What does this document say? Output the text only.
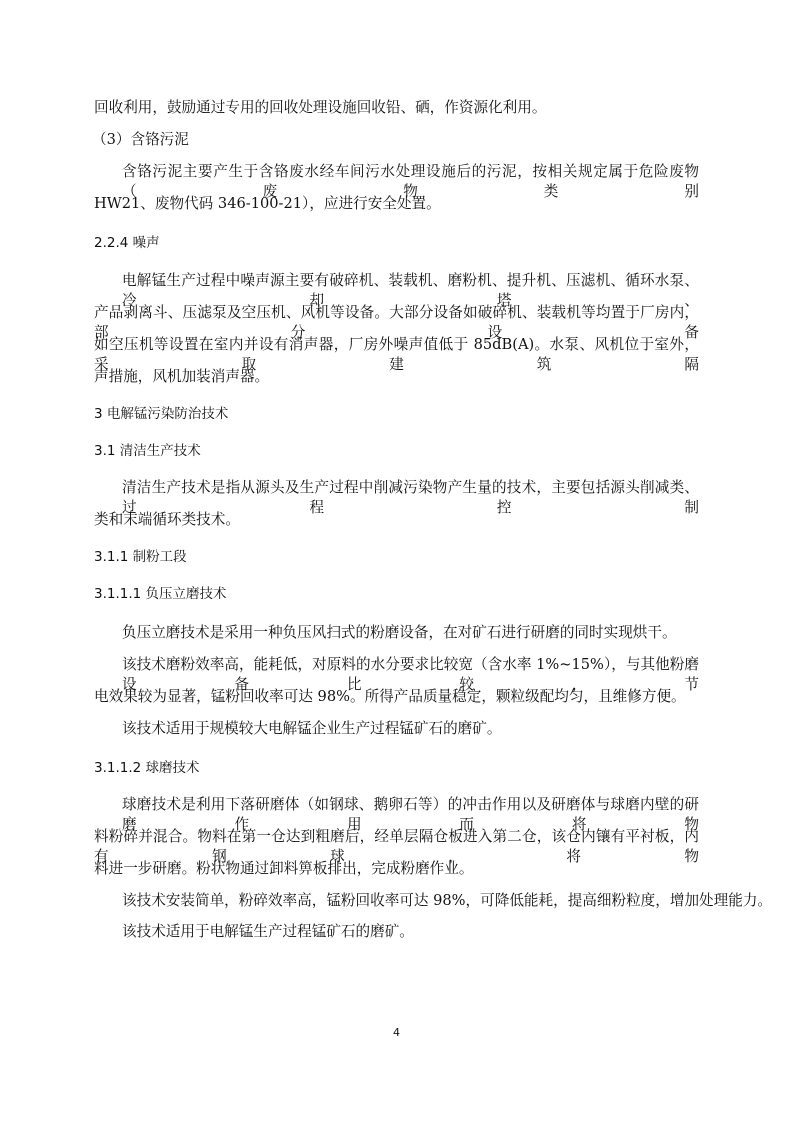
回收利用，鼓励通过专用的回收处理设施回收铅、硒，作资源化利用。
（3）含铬污泥
含铬污泥主要产生于含铬废水经车间污水处理设施后的污泥，按相关规定属于危险废物（废物类别
HW21、废物代码 346-100-21），应进行安全处置。
2.2.4 噪声
电解锰生产过程中噪声源主要有破碎机、装载机、磨粉机、提升机、压滤机、循环水泵、冷却塔、
产品剥离斗、压滤泵及空压机、风机等设备。大部分设备如破碎机、装载机等均置于厂房内，部分设备
如空压机等设置在室内并设有消声器，厂房外噪声值低于 85dB(A)。水泵、风机位于室外，采取建筑隔
声措施，风机加装消声器。
3 电解锰污染防治技术
3.1 清洁生产技术
清洁生产技术是指从源头及生产过程中削减污染物产生量的技术，主要包括源头削减类、过程控制
类和末端循环类技术。
3.1.1 制粉工段
3.1.1.1 负压立磨技术
负压立磨技术是采用一种负压风扫式的粉磨设备，在对矿石进行研磨的同时实现烘干。
该技术磨粉效率高，能耗低，对原料的水分要求比较宽（含水率 1%~15%），与其他粉磨设备比较，节
电效果较为显著，锰粉回收率可达 98%。所得产品质量稳定，颗粒级配均匀，且维修方便。
该技术适用于规模较大电解锰企业生产过程锰矿石的磨矿。
3.1.1.2 球磨技术
球磨技术是利用下落研磨体（如钢球、鹅卵石等）的冲击作用以及研磨体与球磨内壁的研磨作用而将物
料粉碎并混合。物料在第一仓达到粗磨后，经单层隔仓板进入第二仓，该仓内镶有平衬板，内有钢球，将物
料进一步研磨。粉状物通过卸料箅板排出，完成粉磨作业。
该技术安装简单，粉碎效率高，锰粉回收率可达 98%，可降低能耗，提高细粉粒度，增加处理能力。
该技术适用于电解锰生产过程锰矿石的磨矿。
4
